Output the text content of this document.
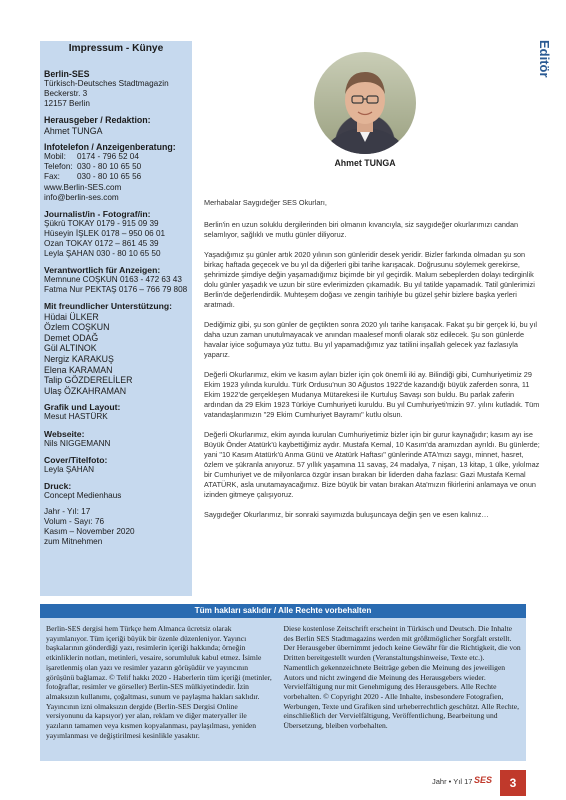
Impressum - Künye
Berlin-SES
Türkisch-Deutsches Stadtmagazin
Beckerstr. 3
12157 Berlin
Herausgeber / Redaktion:
Ahmet TUNGA
Infotelefon / Anzeigenberatung:
Mobil:	0174 - 796 52 04
Telefon: 030 - 80 10 65 50
Fax:	030 - 80 10 65 56
www.Berlin-SES.com
info@berlin-ses.com
Journalist/in - Fotograf/in:
Şükrü TOKAY 0179 - 915 09 39
Hüseyin İŞLEK 0178 – 950 06 01
Ozan TOKAY 0172 – 861 45 39
Leyla ŞAHAN 030 - 80 10 65 50
Verantwortlich für Anzeigen:
Memnune COŞKUN 0163 - 472 63 43
Fatma Nur PEKTAŞ 0176 – 766 79 808
Mit freundlicher Unterstützung:
Hüdai ÜLKER
Özlem COŞKUN
Demet ODAĞ
Gül ALTINOK
Nergiz KARAKUŞ
Elena KARAMAN
Talip GÖZDERELİLER
Ulaş ÖZKAHRAMAN
Grafik und Layout:
Mesut HASTÜRK
Webseite:
Nils NIGGEMANN
Cover/Titelfoto:
Leyla ŞAHAN
Druck:
Concept Medienhaus
Jahr - Yıl: 17
Volum - Sayı: 76
Kasım – November 2020
zum Mitnehmen
Editör
Ahmet TUNGA

Merhabalar Saygıdeğer SES Okurları,

Berlin'in en uzun soluklu dergilerinden biri olmanın kıvancıyla, siz saygıdeğer okurlarımızı candan selamlıyor, sağlıklı ve mutlu günler diliyoruz.

Yaşadığımız şu günler artık 2020 yılının son günleridir desek yeridir. Bizler farkında olmadan şu son birkaç haftada geçecek ve bu yıl da diğerleri gibi tarihe karışacak. Doğrusunu söylemek gerekirse, şehrimizde şimdiye değin yaşamadığımız biçimde bir yıl geçirdik. Malum sebeplerden dolayı tedirginlik dolu günler yaşadık ve uzun bir süre evlerimizden çıkamadık. Bu yıl tatilde yapamadık. Tatil günlerimizi Berlin'de değerlendirdik. Muhteşem doğası ve zengin tarihiyle bu güzel şehir bizlere başka yerleri aratmadı.

Dediğimiz gibi, şu son günler de geçtikten sonra 2020 yılı tarihe karışacak. Fakat şu bir gerçek ki, bu yıl daha uzun zaman unutulmayacak ve anından maalesef monfi olarak söz edilecek. Şu son günlerde havalar iyice soğumaya yüz tuttu. Bu yıl yapamadığımız yaz tatilini inşallah gelecek yaz fazlasıyla yaparız.

Değerli Okurlarımız, ekim ve kasım ayları bizler için çok önemli iki ay. Bilindiği gibi, Cumhuriyetimiz 29 Ekim 1923 yılında kuruldu. Türk Ordusu'nun 30 Ağustos 1922'de kazandığı büyük zaferden sonra, 11 Ekim 1922'de gerçekleşen Mudanya Mütarekesi ile Kurtuluş Savaşı son buldu. Bu parlak zaferin ardından da 29 Ekim 1923 Türkiye Cumhuriyeti kuruldu. Bu yıl Cumhuriyeti'mizin 97. yılını kutladık. Tüm vatandaşlarımızın "29 Ekim Cumhuriyet Bayramı" kutlu olsun.

Değerli Okurlarımız, ekim ayında kurulan Cumhuriyetimiz bizler için bir gurur kaynağıdır; kasım ayı ise Büyük Önder Atatürk'ü kaybettiğimiz aydır. Mustafa Kemal, 10 Kasım'da aramızdan ayrıldı. Bu günlerde; yani "10 Kasım Atatürk'ü Anma Günü ve Atatürk Haftası" günlerinde ATA'mızı saygı, minnet, hasret, özlem ve şükranla anıyoruz. 57 yıllık yaşamına 11 savaş, 24 madalya, 7 nişan, 13 kitap, 1 ülke, yıkılmaz bir Cumhuriyet ve de milyonlarca özgür insan bırakan bir liderden daha fazlası: Gazi Mustafa Kemal ATATÜRK, asla unutamayacağımız. Bize büyük bir vatan bırakan Ata'mızın fikirlerini anlamaya ve onun izinden gitmeye çalışıyoruz.

Saygıdeğer Okurlarımız, bir sonraki sayımızda buluşuncaya değin şen ve esen kalınız…

Tüm hakları saklıdır / Alle Rechte vorbehalten
Berlin-SES dergisi hem Türkçe hem Almanca ücretsiz olarak yayımlanıyor. Tüm içeriği büyük bir özenle düzenleniyor. Yayıncı başkalarının gönderdiği yazı, resimlerin içeriği hakkında; örneğin etkinliklerin notları, metinleri, vesaire, sorumluluk kabul etmez. İsimle işaretlenmiş olan yazı ve resimler yazarın görüşüdür ve yayıncının görüşünü bağlamaz. © Telif hakkı 2020 - Haberlerin tüm içeriği (metinler, fotoğraflar, resimler ve görseller) Berlin-SES mülkiyetindedir. İzin almaksızın kullanımı, çoğaltması, sunum ve paylaşma hakları saklıdır. Yayıncının izni olmaksızın dergide (Berlin-SES Dergisi Online versiyonunu da kapsıyor) yer alan, reklam ve diğer materyaller ile yazıların tamamen veya kısmen kopyalanması, paylaşılması, yeniden yayımlanması ve değiştirilmesi kesinlikle yasaktır.
Diese kostenlose Zeitschrift erscheint in Türkisch und Deutsch. Die Inhalte des Berlin SES Stadtmagazins werden mit größtmöglicher Sorgfalt erstellt. Der Herausgeber übernimmt jedoch keine Gewähr für die Richtigkeit, die von Dritten bereitgestellt wurden (Veranstaltungshinweise, Texte etc.). Namentlich gekennzeichnete Beiträge geben die Meinung des jeweiligen Autors und nicht zwingend die Meinung des Herausgebers wieder. Vervielfältigung nur mit Genehmigung des Herausgebers. Alle Rechte vorbehalten. © Copyright 2020 - Alle Inhalte, insbesondere Fotografien, Werbungen, Texte und Grafiken sind urheberrechtlich geschützt. Alle Rechte, einschließlich der Vervielfältigung, Veröffentlichung, Bearbeitung und Übersetzung, bleiben vorbehalten.
Jahr • Yıl 17 SES	3
